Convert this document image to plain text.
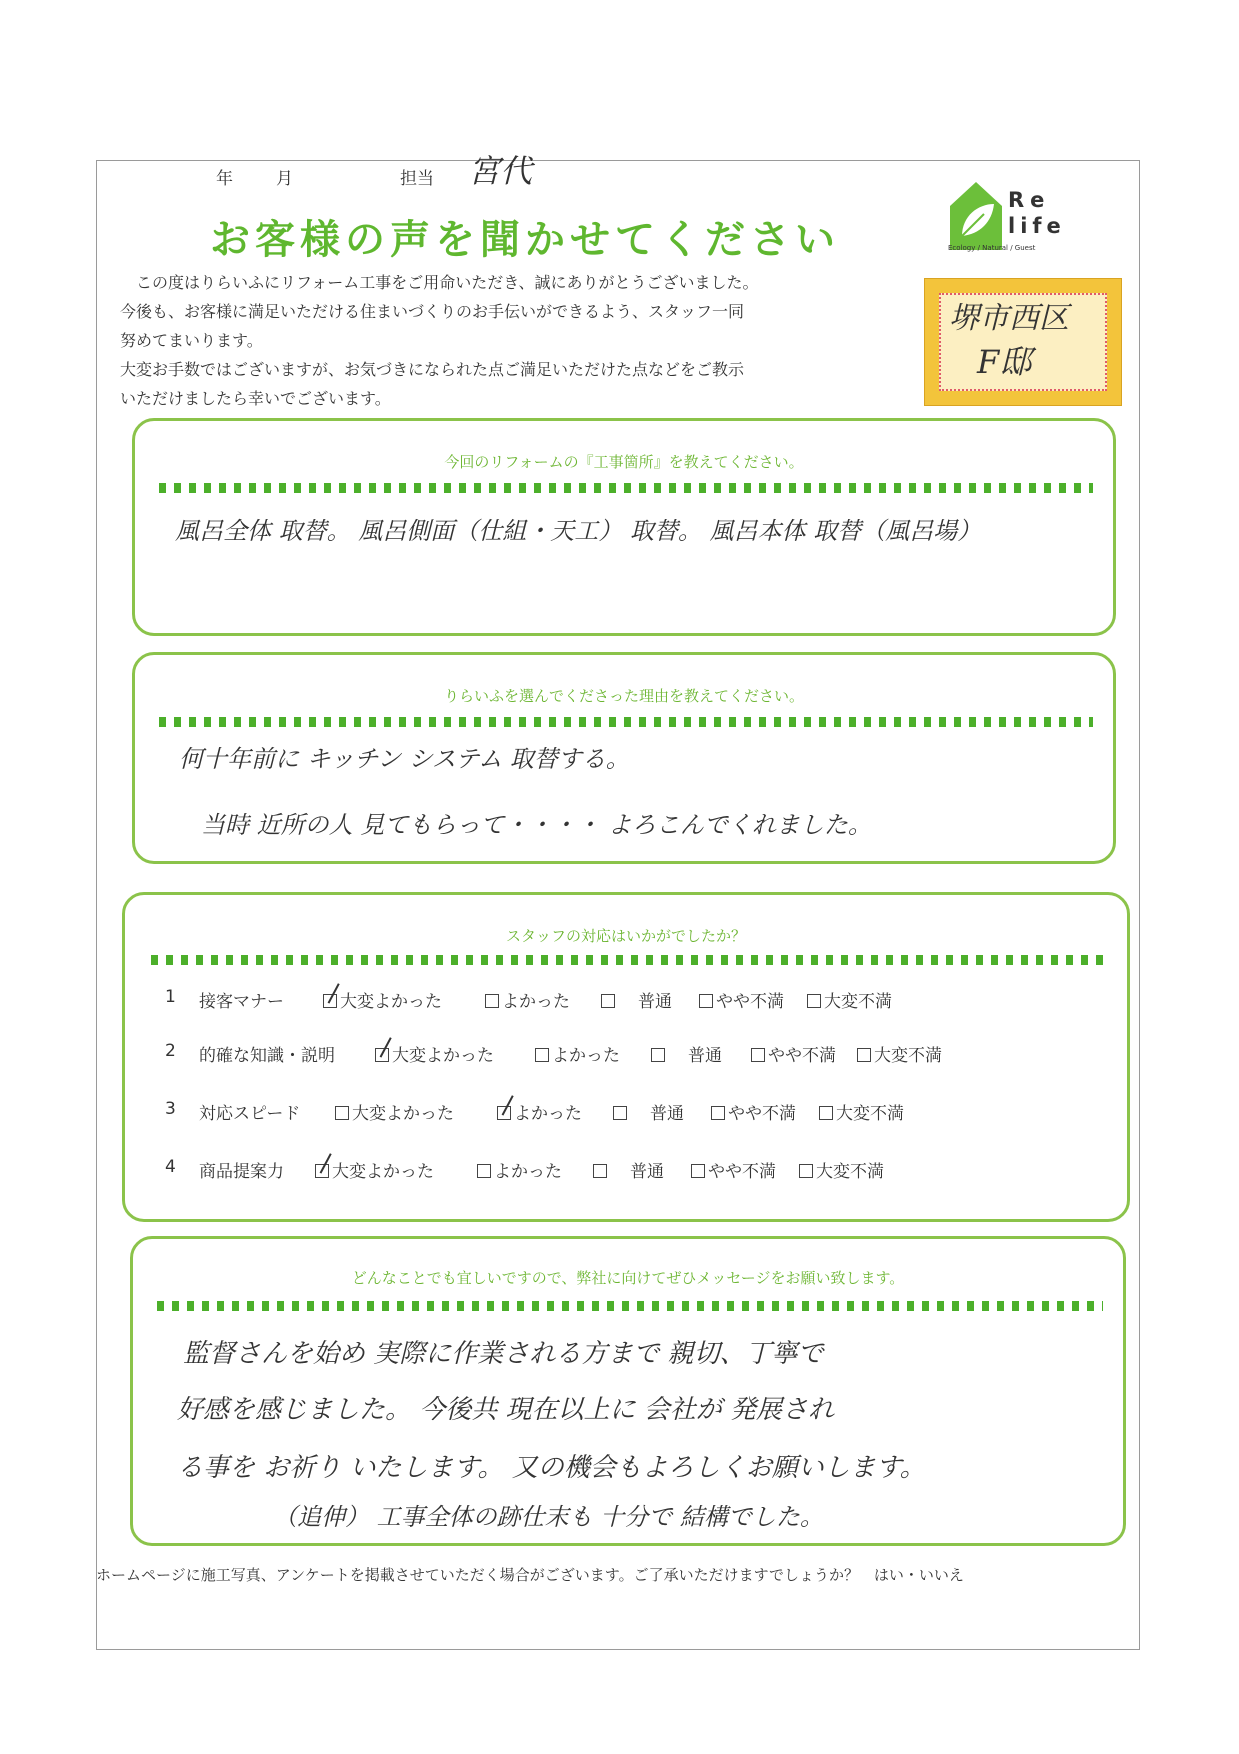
年	月	担当 宮代
お客様の声を聞かせてください
Re
life
Ecology / Natural / Guest
この度はりらいふにリフォーム工事をご用命いただき、誠にありがとうございました。
今後も、お客様に満足いただける住まいづくりのお手伝いができるよう、スタッフ一同
努めてまいります。
大変お手数ではございますが、お気づきになられた点ご満足いただけた点などをご教示
いただけましたら幸いでございます。
堺市西区
F邸
今回のリフォームの『工事箇所』を教えてください。
風呂全体 取替。 風呂側面（仕組・天工） 取替。 風呂本体 取替（風呂場）
りらいふを選んでくださった理由を教えてください。
何十年前に キッチン システム 取替する。
当時 近所の人 見てもらって・・・・ よろこんでくれました。
スタッフの対応はいかがでしたか？
1 接客マナー	大変よかった	よかった	普通	やや不満	大変不満
2 的確な知識・説明	大変よかった	よかった	普通	やや不満	大変不満
3 対応スピード	大変よかった	よかった	普通	やや不満	大変不満
4 商品提案力	大変よかった	よかった	普通	やや不満	大変不満
どんなことでも宜しいですので、弊社に向けてぜひメッセージをお願い致します。
監督さんを始め 実際に作業される方まで 親切、丁寧で
好感を感じました。 今後共 現在以上に 会社が 発展され
る事を お祈り いたします。 又の機会もよろしくお願いします。
（追伸） 工事全体の跡仕末も 十分で 結構でした。
ホームページに施工写真、アンケートを掲載させていただく場合がございます。ご了承いただけますでしょうか？ はい・いいえ
